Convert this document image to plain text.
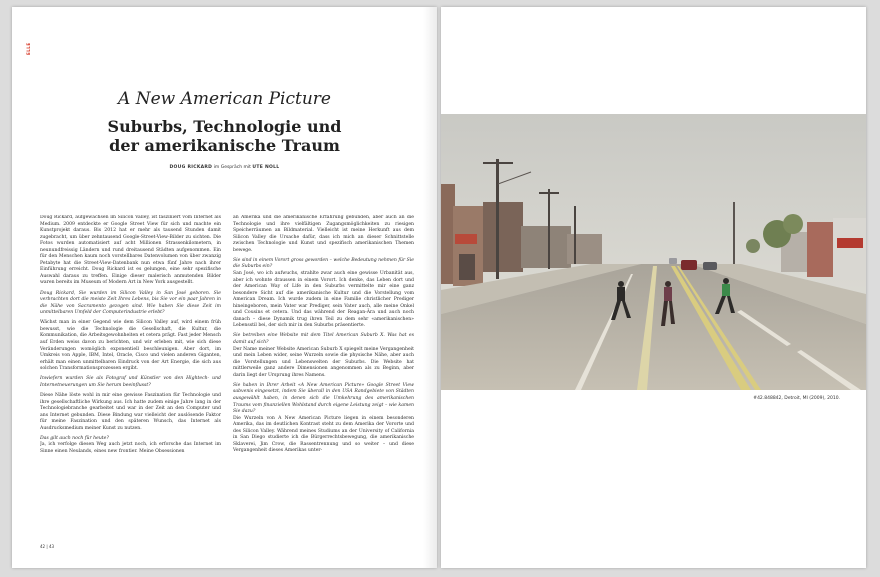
ELLE
A New American Picture
Suburbs, Technologie und
der amerikanische Traum
DOUG RICKARD im Gespräch mit UTE NOLL

Doug Rickard, aufgewachsen im Silicon Valley, ist fasziniert vom Internet als Medium. 2009 entdeckte er Google Street View für sich und machte ein Kunstprojekt daraus. Bis 2012 hat er mehr als tausend Stunden damit zugebracht, um über zehntausend Google-Street-View-Bilder zu sichten. Die Fotos wurden automatisiert auf acht Millionen Strassenkilometern, in neunundfreissig Ländern und rund dreitausend Städten aufgenommen. Ein für den Menschen kaum noch vorstellbares Datenvolumen von über zwanzig Petabyte hat die Street-View-Datenbank nun etwa fünf Jahre nach ihrer Einführung erreicht. Doug Rickard ist es gelungen, eine sehr spezifische Auswahl daraus zu treffen. Einige dieser malerisch anmutenden Bilder waren bereits im Museum of Modern Art in New York ausgestellt.

Doug Rickard, Sie wurden im Silicon Valley in San José geboren. Sie verbrachten dort die meiste Zeit Ihres Lebens, bis Sie vor ein paar Jahren in die Nähe von Sacramento gezogen sind. Wie haben Sie diese Zeit im unmittelbaren Umfeld der Computerindustrie erlebt?

Wächst man in einer Gegend wie dem Silicon Valley auf, wird einem früh bewusst, wie die Technologie die Gesellschaft, die Kultur, die Kommunikation, die Arbeitsgewohnheiten et cetera prägt. Fast jeder Mensch auf Erden weiss davon zu berichten, und wir erleben mit, wie sich diese Veränderungen womöglich exponentiell beschleunigen. Aber dort, im Umkreis von Apple, IBM, Intel, Oracle, Cisco und vielen anderen Giganten, erhält man einen unmittelbaren Eindruck von der Art Energie, die sich aus solchen Transformationsprozessen ergibt.

Inwiefern wurden Sie als Fotograf und Künstler von den Hightech- und Internetneuerungen um Sie herum beeinflusst?

Diese Nähe löste wohl in mir eine gewisse Faszination für Technologie und ihre gesellschaftliche Wirkung aus. Ich hatte zudem einige Jahre lang in der Technologiebranche gearbeitet und war in der Zeit an den Computer und ans Internet gebunden. Diese Bindung war vielleicht der auslösende Faktor für meine Faszination und den späteren Wunsch, das Internet als Ausdrucksmedium meiner Kunst zu nutzen.

Das gilt auch noch für heute?

Ja, ich verfolge diesen Weg auch jetzt noch, ich erforsche das Internet im Sinne einen Neulands, eines new frontier. Meine Obsessionen

an Amerika und die amerikanische Erfahrung gebunden, aber auch an die Technologie und ihre vielfältigen Zugangsmöglichkeiten zu riesigen Speicherräumen an Bildmaterial. Vielleicht ist meine Herkunft aus dem Silicon Valley die Ursache dafür, dass ich mich an dieser Schnittstelle zwischen Technologie und Kunst und spezifisch amerikanischen Themen bewege.

Sie sind in einem Vorort gross geworden – welche Bedeutung nehmen für Sie die Suburbs ein?

San José, wo ich aufwuchs, strahlte zwar auch eine gewisse Urbanität aus, aber ich wohnte draussen in einem Vorort. Ich denke, das Leben dort und der American Way of Life in den Suburbs vermittelte mir eine ganz besondere Sicht auf die amerikanische Kultur und die Vorstellung vom American Dream. Ich wurde zudem in eine Familie christlicher Prediger hineingeboren, mein Vater war Prediger, sein Vater auch, alle meine Onkel und Cousins et cetera. Und das während der Reagan-Ära und auch noch danach – diese Dynamik trug ihren Teil zu dem sehr «amerikanischen» Lebensstil bei, der sich mir in den Suburbs präsentierte.

Sie betreiben eine Website mit dem Titel American Suburb X. Was hat es damit auf sich?

Der Name meiner Website American Suburb X spiegelt meine Vergangenheit und mein Leben wider, seine Wurzeln sowie die physische Nähe, aber auch die Vorstellungen und Lebenswelten der Suburbs. Die Website hat mittlerweile ganz andere Dimensionen angenommen als zu Beginn, aber darin liegt der Ursprung ihres Namens.

Sie haben in Ihrer Arbeit «A New American Picture» Google Street View sabvenis eingesetzt, indem Sie überall in den USA Randgebiete von Städten ausgewählt haben, in denen sich die Umkehrung des amerikanischen Traums vom finanziellen Wohlstand durch eigene Leistung zeigt – wie kamen Sie dazu?

Die Wurzeln von A New American Picture liegen in einem besonderen Amerika, das im deutlichen Kontrast steht zu dem Amerika der Vororte und des Silicon Valley. Während meines Studiums an der University of California in San Diego studierte ich die Bürgerrechtsbewegung, die amerikanische Sklaverei, Jim Crow, die Rassentrennung und so weiter – und diese Vergangenheit dieses Amerikas unter-

42 | 43
#42.848842, Detroit, MI (2009), 2010.
